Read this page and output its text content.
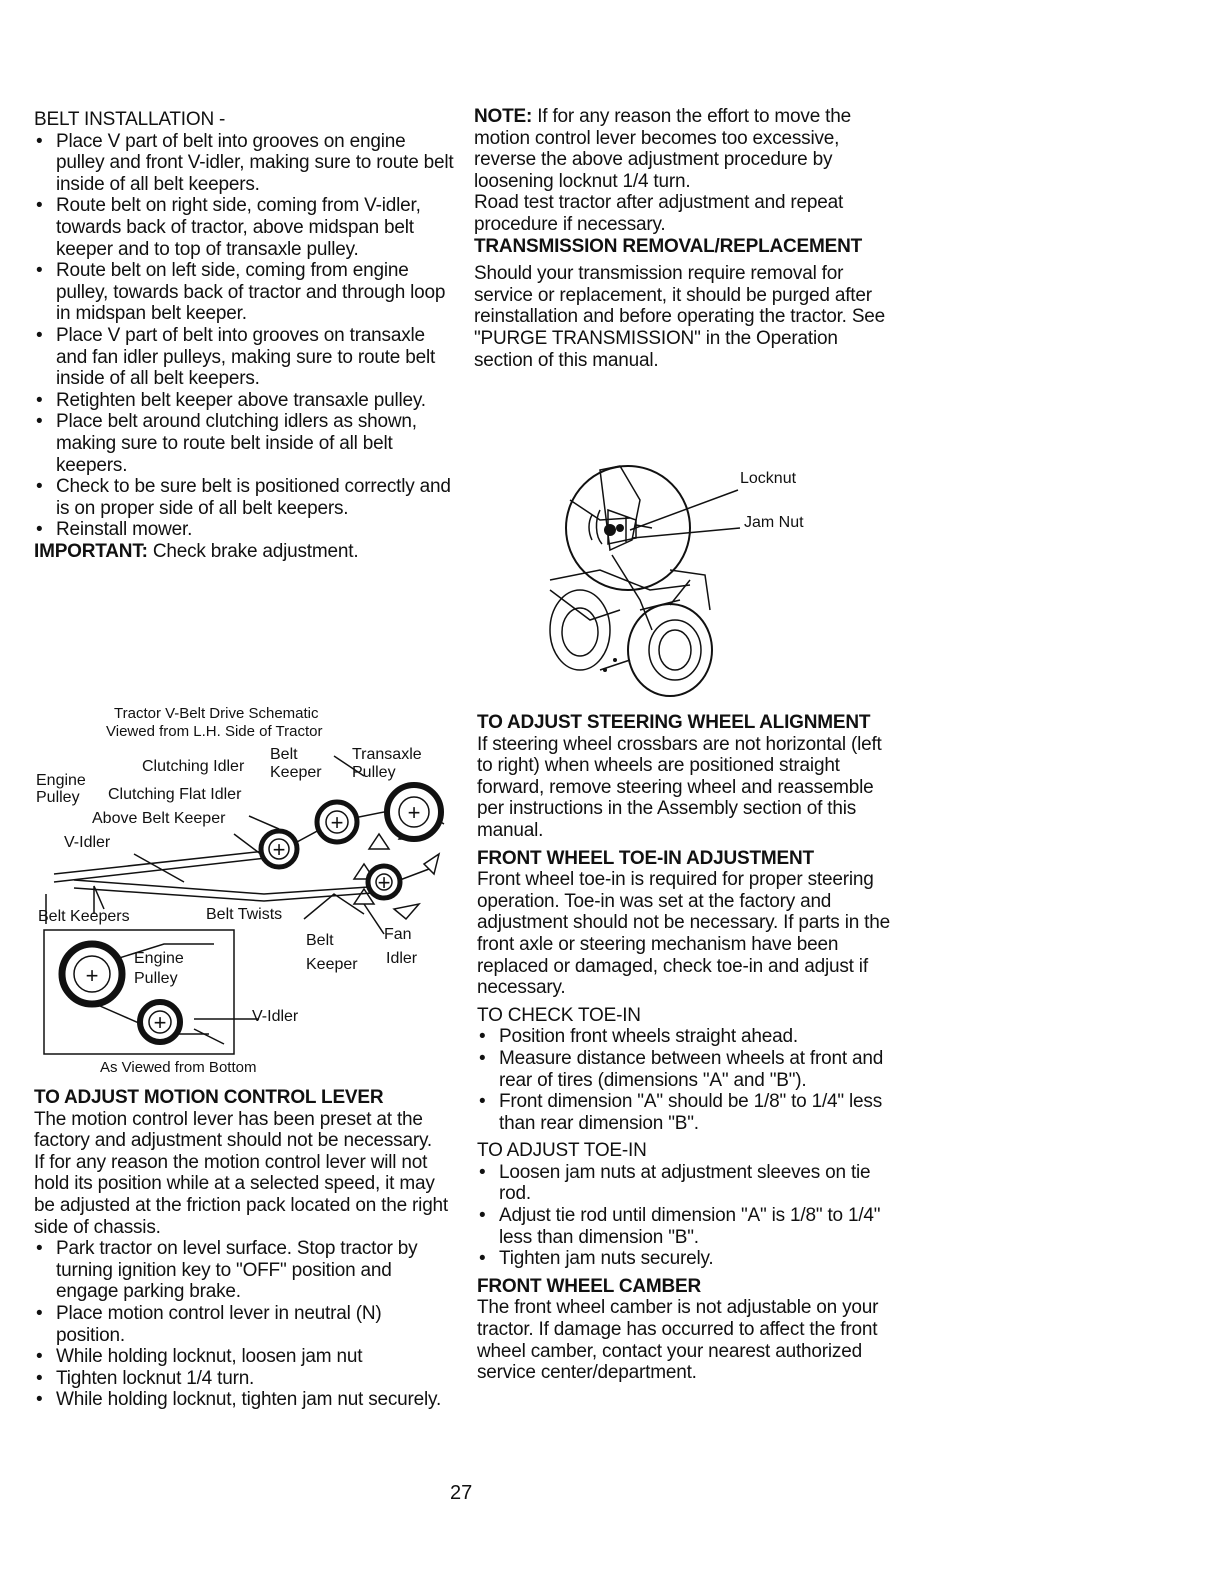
BELT INSTALLATION -

• Place V part of belt into grooves on engine pulley and front V-idler, making sure to route belt inside of all belt keepers.
• Route belt on right side, coming from V-idler, towards back of tractor, above midspan belt keeper and to top of transaxle pulley.
• Route belt on left side, coming from engine pulley, towards back of tractor and through loop in midspan belt keeper.
• Place V part of belt into grooves on transaxle and fan idler pulleys, making sure to route belt inside of all belt keepers.
• Retighten belt keeper above transaxle pulley.
• Place belt around clutching idlers as shown, making sure to route belt inside of all belt keepers.
• Check to be sure belt is positioned correctly and is on proper side of all belt keepers.
• Reinstall mower.

IMPORTANT: Check brake adjustment.

+
+	+
+
+
+
Tractor V-Belt Drive Schematic
Viewed from L.H. Side of Tractor
Belt	Transaxle
Clutching Idler Keeper Pulley
Engine
Pulley Clutching Flat Idler
Above Belt Keeper
V-Idler
Belt Keepers	Belt Twists
Fan
Belt
Idler
Keeper
Engine
Pulley
V-Idler
As Viewed from Bottom

TO ADJUST MOTION CONTROL LEVER

The motion control lever has been preset at the factory and adjustment should not be necessary.

If for any reason the motion control lever will not hold its position while at a selected speed, it may be adjusted at the friction pack located on the right side of chassis.

• Park tractor on level surface. Stop tractor by turning ignition key to "OFF" position and engage parking brake.
• Place motion control lever in neutral (N) position.
• While holding locknut, loosen jam nut
• Tighten locknut 1/4 turn.
• While holding locknut, tighten jam nut securely.

NOTE: If for any reason the effort to move the motion control lever becomes too excessive, reverse the above adjustment procedure by loosening locknut 1/4 turn.

Road test tractor after adjustment and repeat procedure if necessary.

TRANSMISSION REMOVAL/REPLACEMENT

Should your transmission require removal for service or replacement, it should be purged after reinstallation and before operating the tractor. See "PURGE TRANSMISSION" in the Operation section of this manual.

Locknut
Jam Nut

TO ADJUST STEERING WHEEL ALIGNMENT

If steering wheel crossbars are not horizontal (left to right) when wheels are positioned straight forward, remove steering wheel and reassemble per instructions in the Assembly section of this manual.

FRONT WHEEL TOE-IN ADJUSTMENT

Front wheel toe-in is required for proper steering operation. Toe-in was set at the factory and adjustment should not be necessary. If parts in the front axle or steering mechanism have been replaced or damaged, check toe-in and adjust if necessary.

TO CHECK TOE-IN

• Position front wheels straight ahead.
• Measure distance between wheels at front and rear of tires (dimensions "A" and "B").
• Front dimension "A" should be 1/8" to 1/4" less than rear dimension "B".

TO ADJUST TOE-IN

• Loosen jam nuts at adjustment sleeves on tie rod.
• Adjust tie rod until dimension "A" is 1/8" to 1/4" less than dimension "B".
• Tighten jam nuts securely.

FRONT WHEEL CAMBER

The front wheel camber is not adjustable on your tractor. If damage has occurred to affect the front wheel camber, contact your nearest authorized service center/department.

27
